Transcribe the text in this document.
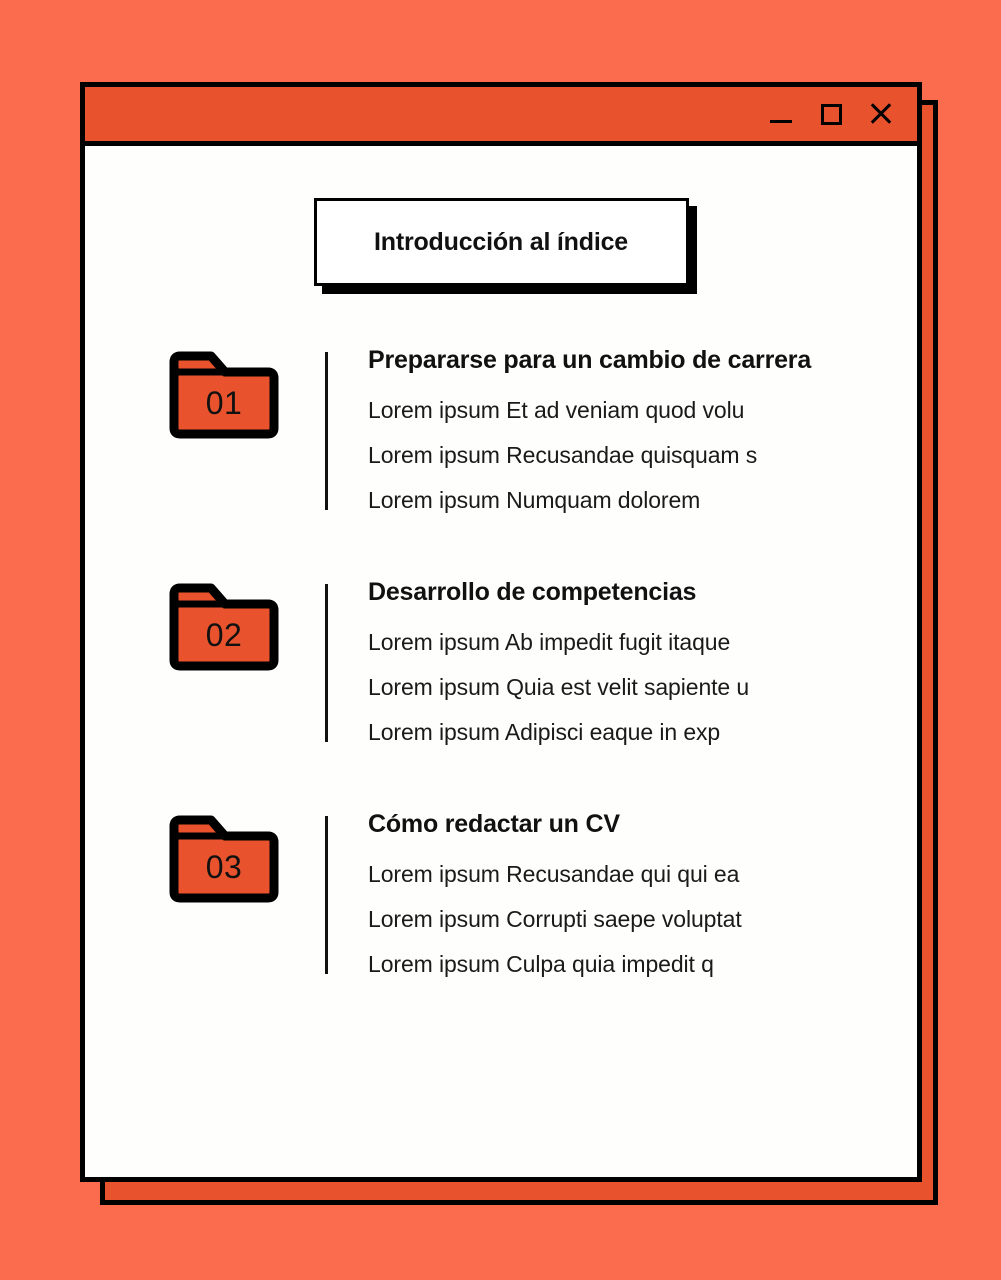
Introducción al índice
01
Prepararse para un cambio de carrera

Lorem ipsum Et ad veniam quod volu

Lorem ipsum Recusandae quisquam s

Lorem ipsum Numquam dolorem

02
Desarrollo de competencias

Lorem ipsum Ab impedit fugit itaque

Lorem ipsum Quia est velit sapiente u

Lorem ipsum Adipisci eaque in exp

03
Cómo redactar un CV

Lorem ipsum Recusandae qui qui ea

Lorem ipsum Corrupti saepe voluptat

Lorem ipsum Culpa quia impedit q
